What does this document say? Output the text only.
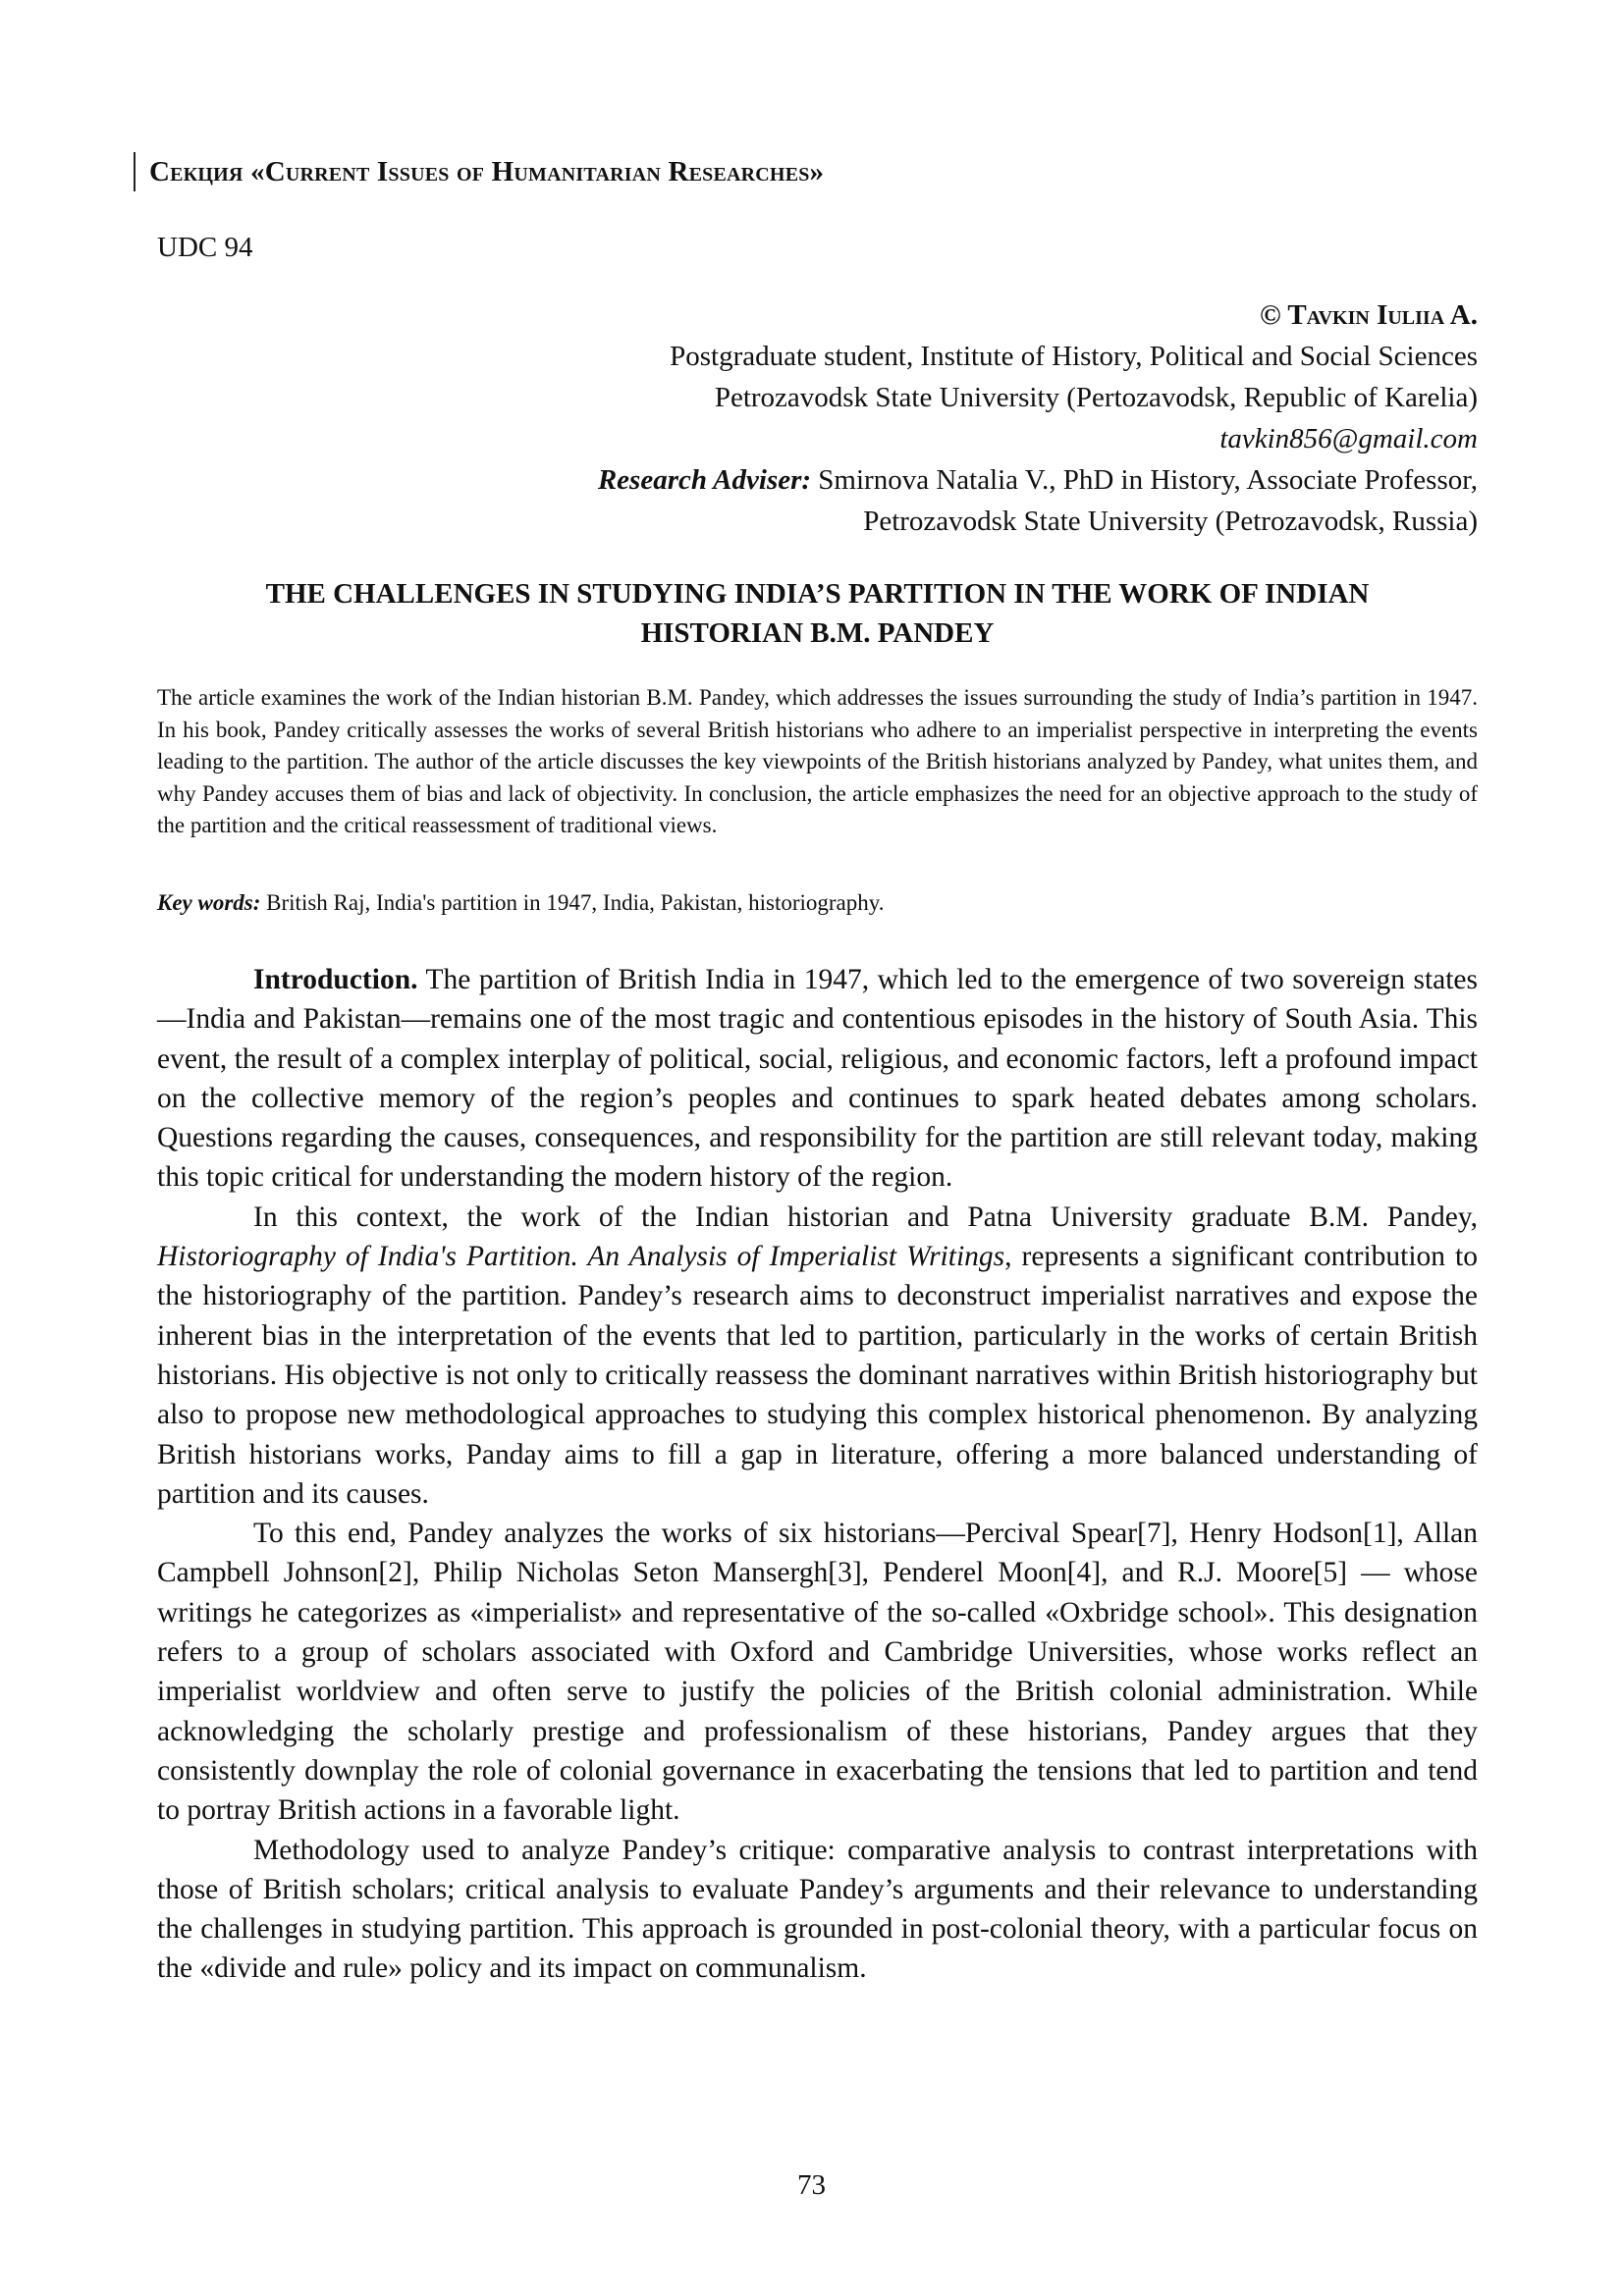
Секция «Current Issues of Humanitarian Researches»
UDC 94
© Tavkin Iuliia A.
Postgraduate student, Institute of History, Political and Social Sciences
Petrozavodsk State University (Pertozavodsk, Republic of Karelia)
tavkin856@gmail.com
Research Adviser: Smirnova Natalia V., PhD in History, Associate Professor,
Petrozavodsk State University (Petrozavodsk, Russia)
THE CHALLENGES IN STUDYING INDIA’S PARTITION IN THE WORK OF INDIAN
HISTORIAN B.M. PANDEY
The article examines the work of the Indian historian B.M. Pandey, which addresses the issues surrounding the study of India’s partition in 1947. In his book, Pandey critically assesses the works of several British historians who adhere to an imperialist perspective in interpreting the events leading to the partition. The author of the article discusses the key viewpoints of the British historians analyzed by Pandey, what unites them, and why Pandey accuses them of bias and lack of objectivity. In conclusion, the article emphasizes the need for an objective approach to the study of the partition and the critical reassessment of traditional views.
Key words: British Raj, India's partition in 1947, India, Pakistan, historiography.

Introduction. The partition of British India in 1947, which led to the emergence of two sovereign states—India and Pakistan—remains one of the most tragic and contentious episodes in the history of South Asia. This event, the result of a complex interplay of political, social, religious, and economic factors, left a profound impact on the collective memory of the region’s peoples and continues to spark heated debates among scholars. Questions regarding the causes, consequences, and responsibility for the partition are still relevant today, making this topic critical for understanding the modern history of the region.

In this context, the work of the Indian historian and Patna University graduate B.M. Pandey, Historiography of India's Partition. An Analysis of Imperialist Writings, represents a significant contribution to the historiography of the partition. Pandey’s research aims to deconstruct imperialist narratives and expose the inherent bias in the interpretation of the events that led to partition, particularly in the works of certain British historians. His objective is not only to critically reassess the dominant narratives within British historiography but also to propose new methodological approaches to studying this complex historical phenomenon. By analyzing British historians works, Panday aims to fill a gap in literature, offering a more balanced understanding of partition and its causes.

To this end, Pandey analyzes the works of six historians—Percival Spear[7], Henry Hodson[1], Allan Campbell Johnson[2], Philip Nicholas Seton Mansergh[3], Penderel Moon[4], and R.J. Moore[5] — whose writings he categorizes as «imperialist» and representative of the so-called «Oxbridge school». This designation refers to a group of scholars associated with Oxford and Cambridge Universities, whose works reflect an imperialist worldview and often serve to justify the policies of the British colonial administration. While acknowledging the scholarly prestige and professionalism of these historians, Pandey argues that they consistently downplay the role of colonial governance in exacerbating the tensions that led to partition and tend to portray British actions in a favorable light.

Methodology used to analyze Pandey’s critique: comparative analysis to contrast interpretations with those of British scholars; critical analysis to evaluate Pandey’s arguments and their relevance to understanding the challenges in studying partition. This approach is grounded in post-colonial theory, with a particular focus on the «divide and rule» policy and its impact on communalism.

73
